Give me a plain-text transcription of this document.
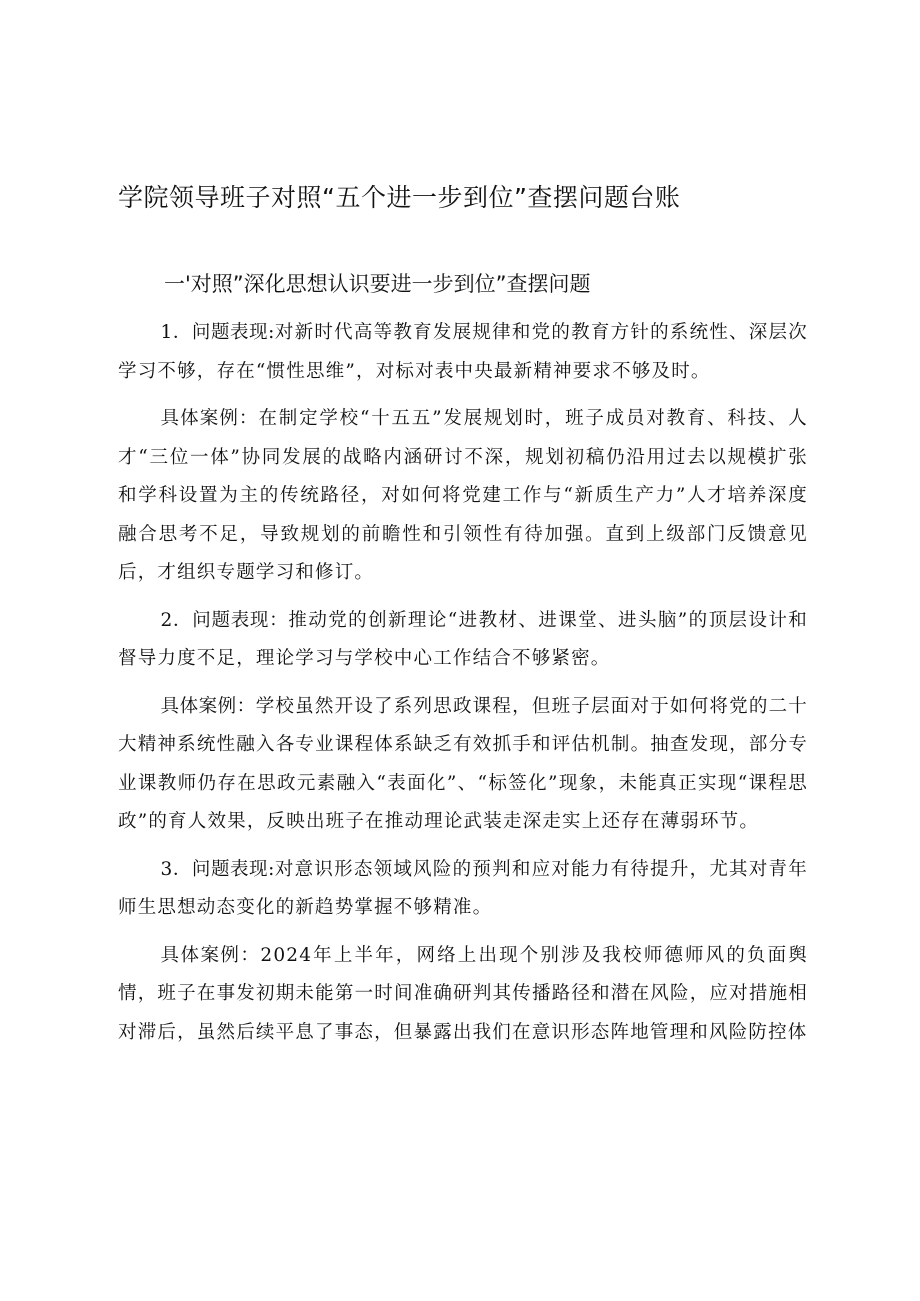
学院领导班子对照“五个进一步到位”查摆问题台账
一'对照”深化思想认识要进一步到位”查摆问题

1．问题表现:对新时代高等教育发展规律和党的教育方针的系统性、深层次学习不够，存在“惯性思维”，对标对表中央最新精神要求不够及时。

具体案例：在制定学校“十五五”发展规划时，班子成员对教育、科技、人才“三位一体”协同发展的战略内涵研讨不深，规划初稿仍沿用过去以规模扩张和学科设置为主的传统路径，对如何将党建工作与“新质生产力”人才培养深度融合思考不足，导致规划的前瞻性和引领性有待加强。直到上级部门反馈意见后，才组织专题学习和修订。

2．问题表现：推动党的创新理论“进教材、进课堂、进头脑”的顶层设计和督导力度不足，理论学习与学校中心工作结合不够紧密。

具体案例：学校虽然开设了系列思政课程，但班子层面对于如何将党的二十大精神系统性融入各专业课程体系缺乏有效抓手和评估机制。抽查发现，部分专业课教师仍存在思政元素融入“表面化”、“标签化”现象，未能真正实现“课程思政”的育人效果，反映出班子在推动理论武装走深走实上还存在薄弱环节。

3．问题表现:对意识形态领域风险的预判和应对能力有待提升，尤其对青年师生思想动态变化的新趋势掌握不够精准。

具体案例：2024年上半年，网络上出现个别涉及我校师德师风的负面舆情，班子在事发初期未能第一时间准确研判其传播路径和潜在风险，应对措施相对滞后，虽然后续平息了事态，但暴露出我们在意识形态阵地管理和风险防控体
